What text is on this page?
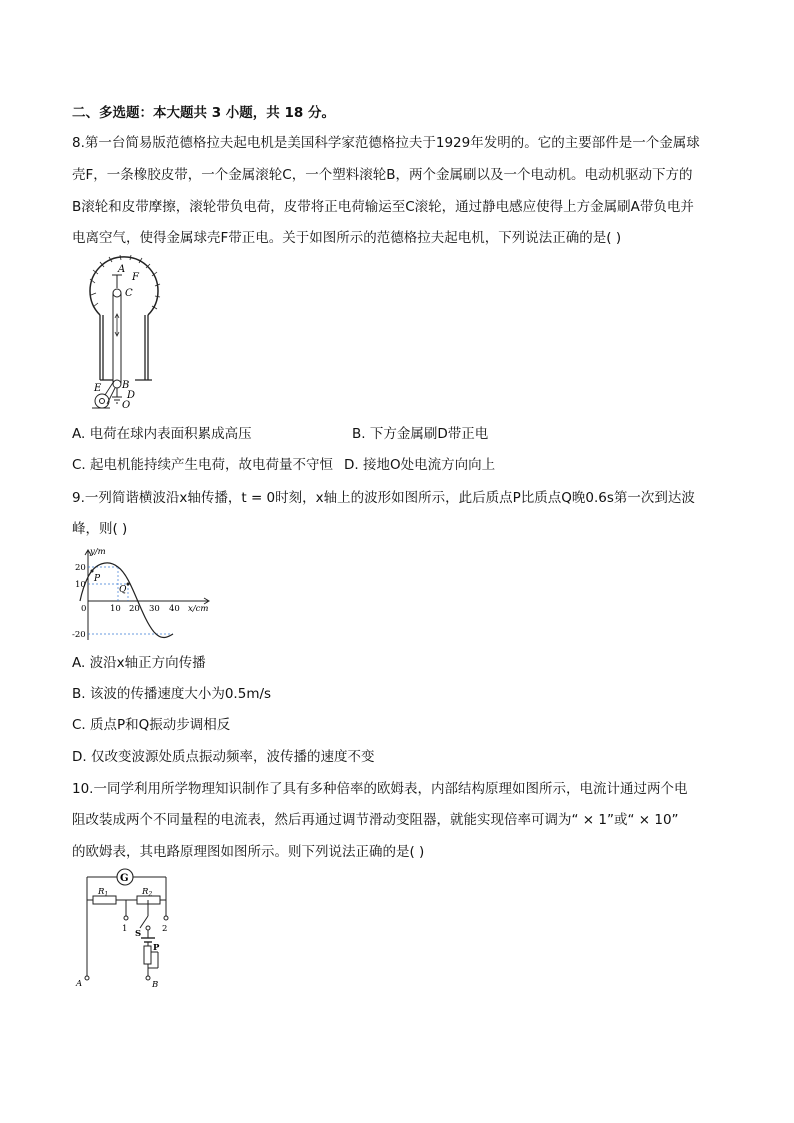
二、多选题：本大题共 3 小题，共 18 分。
8.第一台简易版范德格拉夫起电机是美国科学家范德格拉夫于1929年发明的。它的主要部件是一个金属球
壳F，一条橡胶皮带，一个金属滚轮C，一个塑料滚轮B，两个金属刷以及一个电动机。电动机驱动下方的
B滚轮和皮带摩擦，滚轮带负电荷，皮带将正电荷输运至C滚轮，通过静电感应使得上方金属刷A带负电并
电离空气，使得金属球壳F带正电。关于如图所示的范德格拉夫起电机，下列说法正确的是( )
A
F
C
E B
D
O
A. 电荷在球内表面积累成高压	B. 下方金属刷D带正电
C. 起电机能持续产生电荷，故电荷量不守恒 D. 接地O处电流方向向上
9.一列简谐横波沿x轴传播，t = 0时刻，x轴上的波形如图所示，此后质点P比质点Q晚0.6s第一次到达波
峰，则( )
y/m
x/cm
20
10
0
-20
10 20 30 40
P
Q
A. 波沿x轴正方向传播
B. 该波的传播速度大小为0.5m/s
C. 质点P和Q振动步调相反
D. 仅改变波源处质点振动频率，波传播的速度不变
10.一同学利用所学物理知识制作了具有多种倍率的欧姆表，内部结构原理如图所示，电流计通过两个电
阻改装成两个不同量程的电流表，然后再通过调节滑动变阻器，就能实现倍率可调为“ × 1”或“ × 10”
的欧姆表，其电路原理图如图所示。则下列说法正确的是( )
G
1	2
$R_1$	$R_2$
S
P
A	B
